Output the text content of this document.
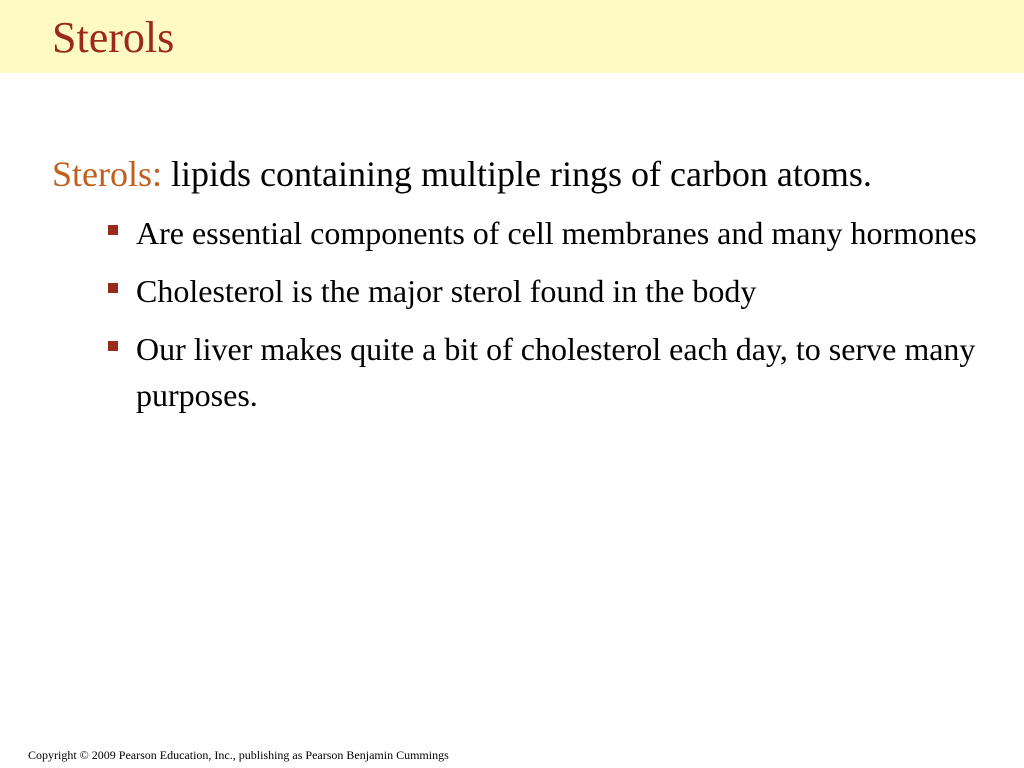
Sterols

Sterols: lipids containing multiple rings of carbon atoms.

Are essential components of cell membranes and many hormones
Cholesterol is the major sterol found in the body
Our liver makes quite a bit of cholesterol each day, to serve many purposes.
Copyright © 2009 Pearson Education, Inc., publishing as Pearson Benjamin Cummings
